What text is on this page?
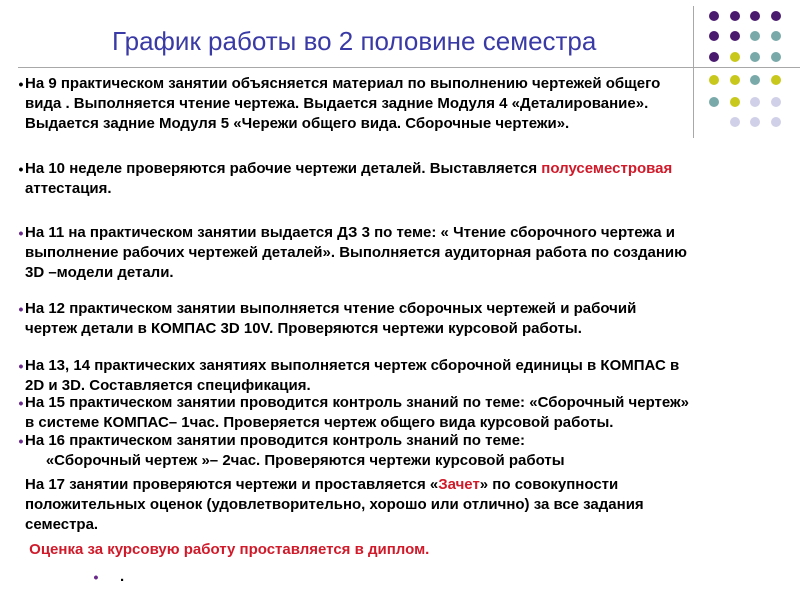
График работы во 2 половине семестра
• На 9 практическом занятии объясняется материал по выполнению чертежей общего
вида . Выполняется чтение чертежа. Выдается задние Модуля 4 «Деталирование».
Выдается задние Модуля 5 «Чережи общего вида. Сборочные чертежи».
• На 10 неделе проверяются рабочие чертежи деталей. Выставляется полусеместровая
аттестация.
• На 11 на практическом занятии выдается ДЗ 3 по теме: « Чтение сборочного чертежа и
выполнение рабочих чертежей деталей». Выполняется аудиторная работа по созданию
3D –модели детали.
• На 12 практическом занятии выполняется чтение сборочных чертежей и рабочий
чертеж детали в КОМПАС 3D 10V. Проверяются чертежи курсовой работы.
• На 13, 14 практических занятиях выполняется чертеж сборочной единицы в КОМПАС в
2D и 3D. Составляется спецификация.
• На 15 практическом занятии проводится контроль знаний по теме: «Сборочный чертеж»
в системе КОМПАС– 1час. Проверяется чертеж общего вида курсовой работы.
• На 16 практическом занятии проводится контроль знаний по теме:
«Сборочный чертеж »– 2час. Проверяются чертежи курсовой работы
На 17 занятии проверяются чертежи и проставляется «Зачет» по совокупности
положительных оценок (удовлетворительно, хорошо или отлично) за все задания
семестра.
Оценка за курсовую работу проставляется в диплом.
• .
